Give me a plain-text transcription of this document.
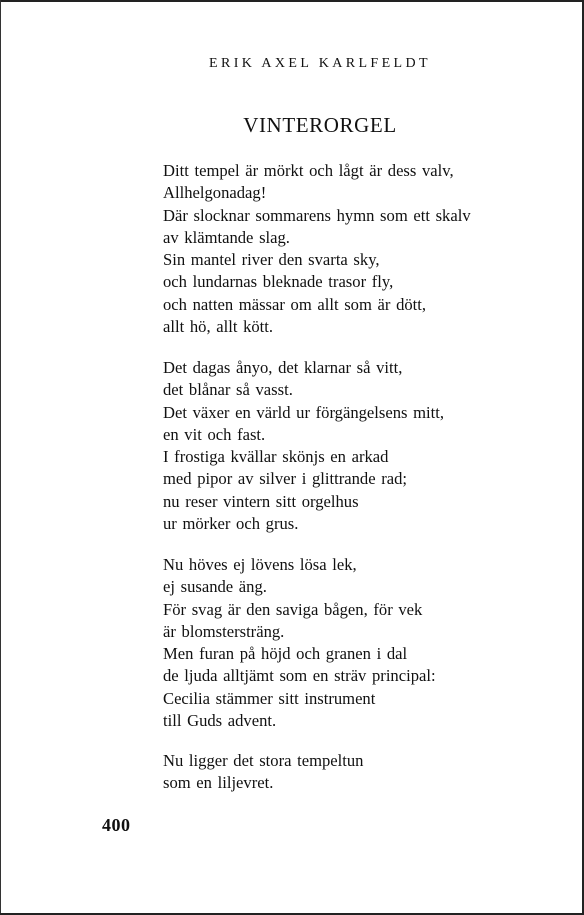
ERIK AXEL KARLFELDT
VINTERORGEL
Ditt tempel är mörkt och lågt är dess valv,
Allhelgonadag!
Där slocknar sommarens hymn som ett skalv
av klämtande slag.
Sin mantel river den svarta sky,
och lundarnas bleknade trasor fly,
och natten mässar om allt som är dött,
allt hö, allt kött.
Det dagas ånyo, det klarnar så vitt,
det blånar så vasst.
Det växer en värld ur förgängelsens mitt,
en vit och fast.
I frostiga kvällar skönjs en arkad
med pipor av silver i glittrande rad;
nu reser vintern sitt orgelhus
ur mörker och grus.
Nu höves ej lövens lösa lek,
ej susande äng.
För svag är den saviga bågen, för vek
är blomstersträng.
Men furan på höjd och granen i dal
de ljuda alltjämt som en sträv principal:
Cecilia stämmer sitt instrument
till Guds advent.
Nu ligger det stora tempeltun
som en liljevret.
400
